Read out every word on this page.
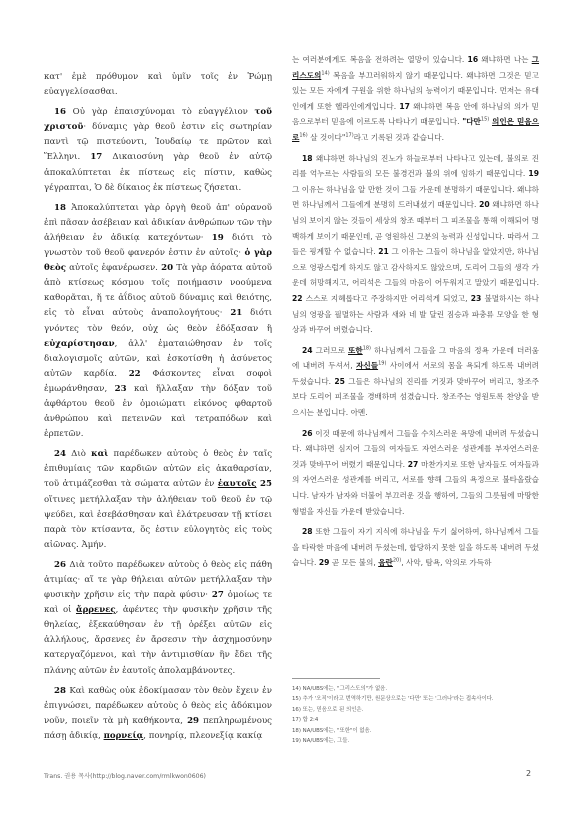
κατ' ἐμὲ πρόθυμον καὶ ὑμῖν τοῖς ἐν Ῥώμῃ εὐαγγελίσασθαι.

16 Οὐ γὰρ ἐπαισχύνομαι τὸ εὐαγγέλιον τοῦ χριστοῦ· δύναμις γὰρ θεοῦ ἐστιν εἰς σωτηρίαν παντὶ τῷ πιστεύοντι, Ἰουδαίῳ τε πρῶτον καὶ Ἕλληνι. 17 Δικαιοσύνη γὰρ θεοῦ ἐν αὐτῷ ἀποκαλύπτεται ἐκ πίστεως εἰς πίστιν, καθὼς γέγραπται, Ὁ δὲ δίκαιος ἐκ πίστεως ζήσεται.

18 Ἀποκαλύπτεται γὰρ ὀργὴ θεοῦ ἀπ' οὐρανοῦ ἐπὶ πᾶσαν ἀσέβειαν καὶ ἀδικίαν ἀνθρώπων τῶν τὴν ἀλήθειαν ἐν ἀδικίᾳ κατεχόντων· 19 διότι τὸ γνωστὸν τοῦ θεοῦ φανερόν ἐστιν ἐν αὐτοῖς· ὁ γὰρ θεὸς αὐτοῖς ἐφανέρωσεν. 20 Τὰ γὰρ ἀόρατα αὐτοῦ ἀπὸ κτίσεως κόσμου τοῖς ποιήμασιν νοούμενα καθορᾶται, ἥ τε ἀΐδιος αὐτοῦ δύναμις καὶ θειότης, εἰς τὸ εἶναι αὐτοὺς ἀναπολογήτους· 21 διότι γνόντες τὸν θεόν, οὐχ ὡς θεὸν ἐδόξασαν ἢ εὐχαρίστησαν, ἀλλ' ἐματαιώθησαν ἐν τοῖς διαλογισμοῖς αὐτῶν, καὶ ἐσκοτίσθη ἡ ἀσύνετος αὐτῶν καρδία. 22 Φάσκοντες εἶναι σοφοὶ ἐμωράνθησαν, 23 καὶ ἤλλαξαν τὴν δόξαν τοῦ ἀφθάρτου θεοῦ ἐν ὁμοιώματι εἰκόνος φθαρτοῦ ἀνθρώπου καὶ πετεινῶν καὶ τετραπόδων καὶ ἑρπετῶν.

24 Διὸ καὶ παρέδωκεν αὐτοὺς ὁ θεὸς ἐν ταῖς ἐπιθυμίαις τῶν καρδιῶν αὐτῶν εἰς ἀκαθαρσίαν, τοῦ ἀτιμάζεσθαι τὰ σώματα αὐτῶν ἐν ἑαυτοῖς 25 οἵτινες μετήλλαξαν τὴν ἀλήθειαν τοῦ θεοῦ ἐν τῷ ψεύδει, καὶ ἐσεβάσθησαν καὶ ἐλάτρευσαν τῇ κτίσει παρὰ τὸν κτίσαντα, ὅς ἐστιν εὐλογητὸς εἰς τοὺς αἰῶνας. Ἀμήν.

26 Διὰ τοῦτο παρέδωκεν αὐτοὺς ὁ θεὸς εἰς πάθη ἀτιμίας· αἵ τε γὰρ θήλειαι αὐτῶν μετήλλαξαν τὴν φυσικὴν χρῆσιν εἰς τὴν παρὰ φύσιν· 27 ὁμοίως τε καὶ οἱ ἄρρενες, ἀφέντες τὴν φυσικὴν χρῆσιν τῆς θηλείας, ἐξεκαύθησαν ἐν τῇ ὀρέξει αὐτῶν εἰς ἀλλήλους, ἄρσενες ἐν ἄρσεσιν τὴν ἀσχημοσύνην κατεργαζόμενοι, καὶ τὴν ἀντιμισθίαν ἣν ἔδει τῆς πλάνης αὐτῶν ἐν ἑαυτοῖς ἀπολαμβάνοντες.

28 Καὶ καθὼς οὐκ ἐδοκίμασαν τὸν θεὸν ἔχειν ἐν ἐπιγνώσει, παρέδωκεν αὐτοὺς ὁ θεὸς εἰς ἀδόκιμον νοῦν, ποιεῖν τὰ μὴ καθήκοντα, 29 πεπληρωμένους πάσῃ ἀδικίᾳ, πορνείᾳ, πονηρίᾳ, πλεονεξίᾳ κακίᾳ

는 여러분에게도 복음을 전하려는 열망이 있습니다. 16 왜냐하면 나는 그리스도의$^{14)}$ 복음을 부끄러워하지 않기 때문입니다. 왜냐하면 그것은 믿고 있는 모든 자에게 구원을 위한 하나님의 능력이기 때문입니다. 먼저는 유대인에게 또한 헬라인에게입니다. 17 왜냐하면 복음 안에 하나님의 의가 믿음으로부터 믿음에 이르도록 나타나기 때문입니다. "다만$^{15)}$ 의인은 믿음으로$^{16)}$ 살 것이다"$^{17)}$라고 기록된 것과 같습니다.

18 왜냐하면 하나님의 진노가 하늘로부터 나타나고 있는데, 불의로 진리를 억누르는 사람들의 모든 불경건과 불의 위에 임하기 때문입니다. 19 그 이유는 하나님을 알 만한 것이 그들 가운데 분명하기 때문입니다. 왜냐하면 하나님께서 그들에게 분명히 드러내셨기 때문입니다. 20 왜냐하면 하나님의 보이지 않는 것들이 세상의 창조 때부터 그 피조물을 통해 이해되어 명백하게 보이기 때문인데, 곧 영원하신 그분의 능력과 신성입니다. 따라서 그들은 핑계할 수 없습니다. 21 그 이유는 그들이 하나님을 알았지만, 하나님으로 영광스럽게 하지도 않고 감사하지도 않았으며, 도리어 그들의 생각 가운데 허망해지고, 어리석은 그들의 마음이 어두워지고 말았기 때문입니다. 22 스스로 지혜롭다고 주장하지만 어리석게 되었고, 23 불멸하시는 하나님의 영광을 필멸하는 사람과 새와 네 발 달린 짐승과 파충류 모양을 한 형상과 바꾸어 버렸습니다.

24 그러므로 또한$^{18)}$ 하나님께서 그들을 그 마음의 정욕 가운데 더러움에 내버려 두셔서, 자신들$^{19)}$ 사이에서 서로의 몸을 욕되게 하도록 내버려 두셨습니다. 25 그들은 하나님의 진리를 거짓과 맞바꾸어 버리고, 창조주보다 도리어 피조물을 경배하며 섬겼습니다. 창조주는 영원토록 찬양을 받으시는 분입니다. 아멘.

26 이것 때문에 하나님께서 그들을 수치스러운 욕망에 내버려 두셨습니다. 왜냐하면 심지어 그들의 여자들도 자연스러운 성관계를 부자연스러운 것과 맞바꾸어 버렸기 때문입니다. 27 마찬가지로 또한 남자들도 여자들과의 자연스러운 성관계를 버리고, 서로를 향해 그들의 욕정으로 불타올랐습니다. 남자가 남자와 더불어 부끄러운 것을 행하여, 그들의 그릇됨에 마땅한 형벌을 자신들 가운데 받았습니다.

28 또한 그들이 자기 지식에 하나님을 두기 싫어하여, 하나님께서 그들을 타락한 마음에 내버려 두셨는데, 합당하지 못한 일을 하도록 내버려 두셨습니다. 29 곧 모든 불의, 음란$^{20)}$, 사악, 탐욕, 악의로 가득하

14) NA/UBS에는, "그리스도의"가 없음.
15) 추가 '오직'이라고 번역하기만, 원문상으로는 '다만' 또는 '그러나'라는 접속사이다.
16) 또는, 믿음으로 된 의인은.
17) 합 2:4
18) NA/UBS에는, "또한"이 없음.
19) NA/UBS에는, 그들.
Trans. 권용 목사(http://blog.naver.com/rmlkwon0606)	2
